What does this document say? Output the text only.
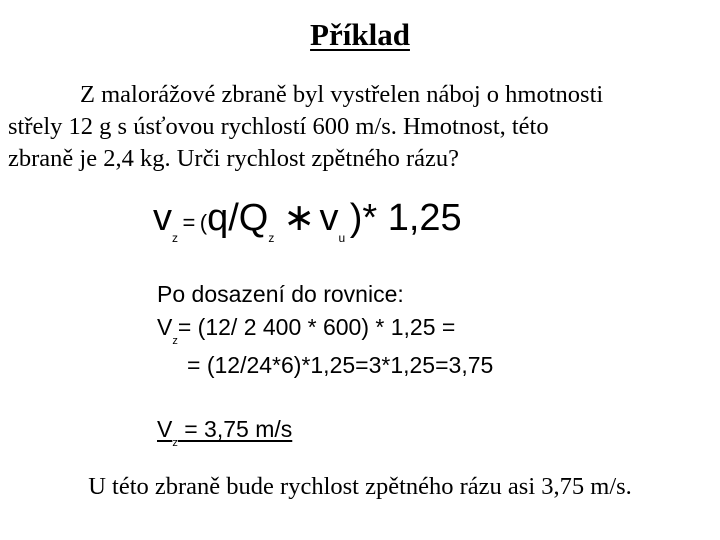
Příklad
Z malorážové zbraně byl vystřelen náboj o hmotnosti
střely 12 g s úsťovou rychlostí 600 m/s. Hmotnost, této
zbraně je 2,4 kg. Urči rychlost zpětného rázu?
$v_z = (q/Q_z$ ∗ $v_u$ )* 1,25
Po dosazení do rovnice:
$V_z= (12/$ 2 400 * 600) * 1,25 =
= (12/24*6)*1,25=3*1,25=3,75
$V_z = 3,75$ m/s
U této zbraně bude rychlost zpětného rázu asi 3,75 m/s.
